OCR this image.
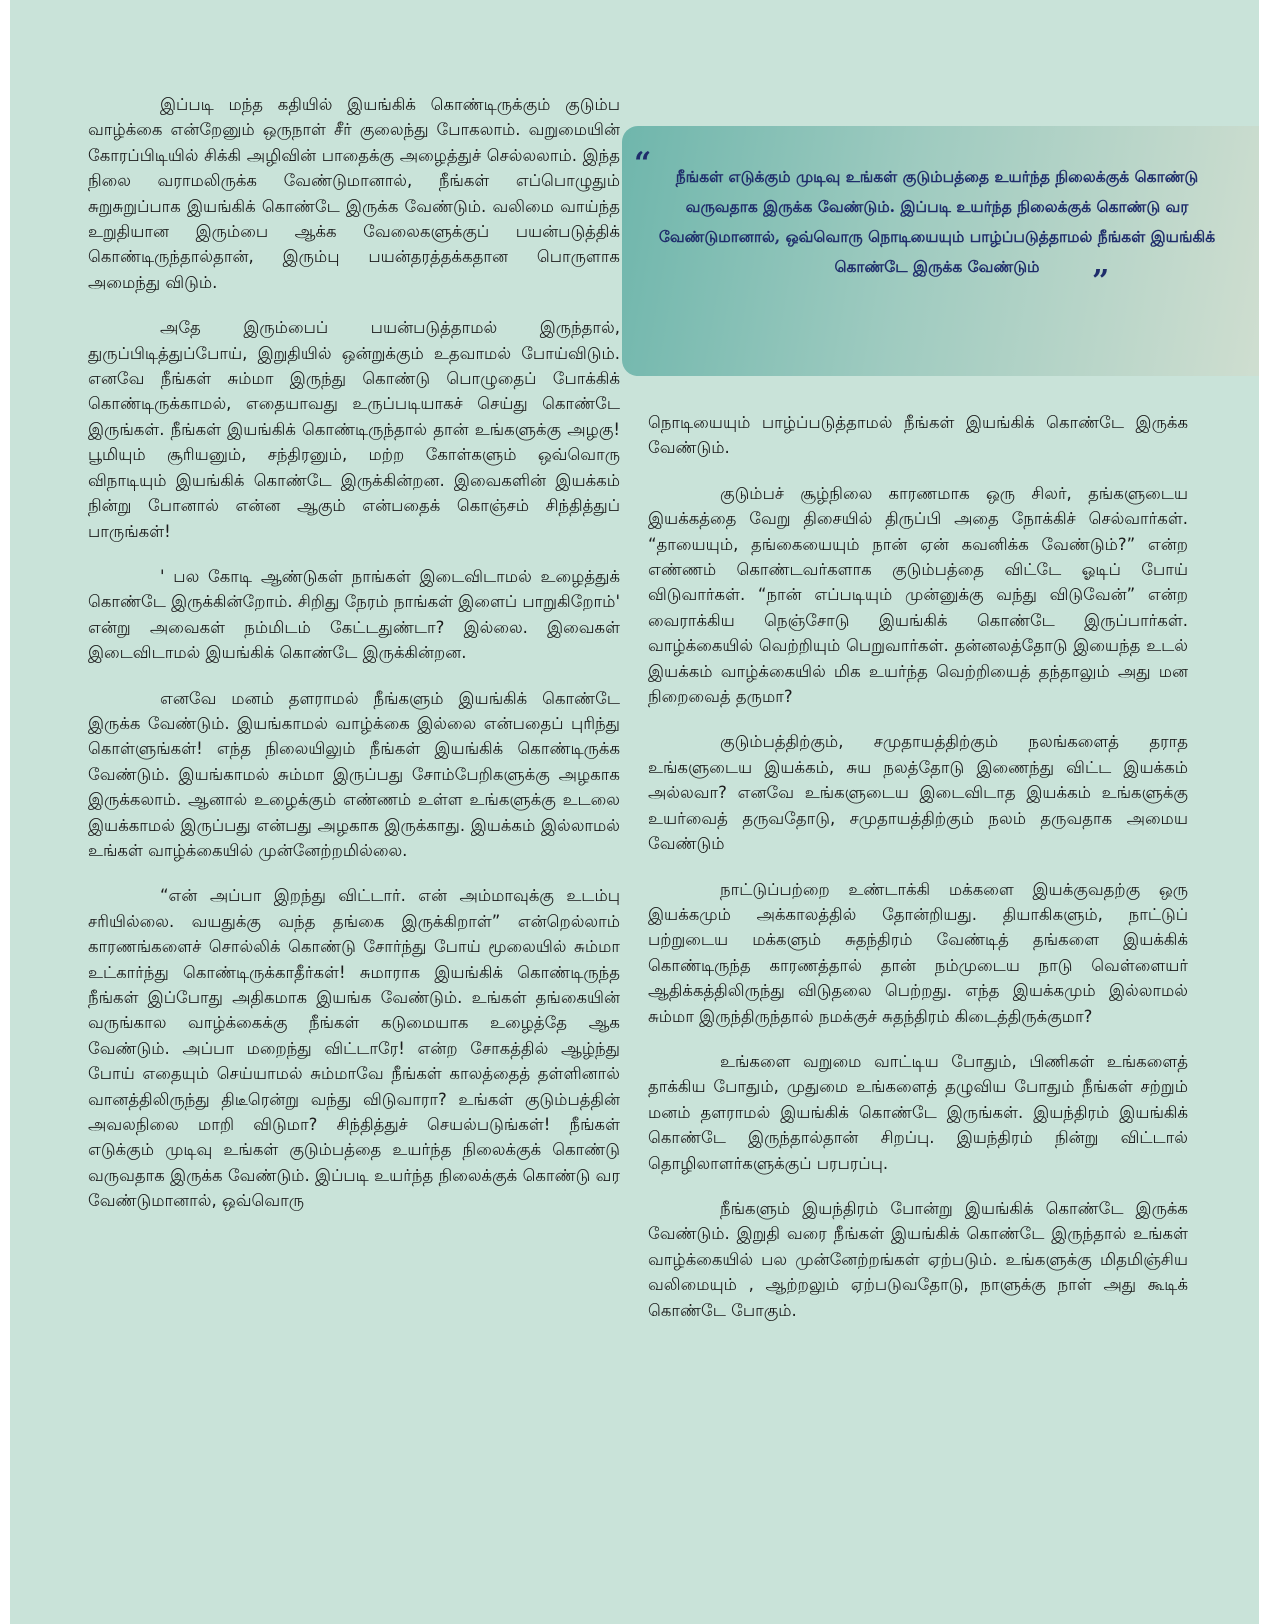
இப்படி மந்த கதியில் இயங்கிக் கொண்டிருக்கும் குடும்ப வாழ்க்கை என்றேனும் ஒருநாள் சீர் குலைந்து போகலாம். வறுமையின் கோரப்பிடியில் சிக்கி அழிவின் பாதைக்கு அழைத்துச் செல்லலாம். இந்த நிலை வராமலிருக்க வேண்டுமானால், நீங்கள் எப்பொழுதும் சுறுசுறுப்பாக இயங்கிக் கொண்டே இருக்க வேண்டும். வலிமை வாய்ந்த உறுதியான இரும்பை ஆக்க வேலைகளுக்குப் பயன்படுத்திக் கொண்டிருந்தால்தான், இரும்பு பயன்தரத்தக்கதான பொருளாக அமைந்து விடும்.

அதே இரும்பைப் பயன்படுத்தாமல் இருந்தால், துருப்பிடித்துப்போய், இறுதியில் ஒன்றுக்கும் உதவாமல் போய்விடும். எனவே நீங்கள் சும்மா இருந்து கொண்டு பொழுதைப் போக்கிக் கொண்டிருக்காமல், எதையாவது உருப்படியாகச் செய்து கொண்டே இருங்கள். நீங்கள் இயங்கிக் கொண்டிருந்தால் தான் உங்களுக்கு அழகு! பூமியும் சூரியனும், சந்திரனும், மற்ற கோள்களும் ஒவ்வொரு விநாடியும் இயங்கிக் கொண்டே இருக்கின்றன. இவைகளின் இயக்கம் நின்று போனால் என்ன ஆகும் என்பதைக் கொஞ்சம் சிந்தித்துப் பாருங்கள்!

' பல கோடி ஆண்டுகள் நாங்கள் இடைவிடாமல் உழைத்துக் கொண்டே இருக்கின்றோம். சிறிது நேரம் நாங்கள் இளைப் பாறுகிறோம்' என்று அவைகள் நம்மிடம் கேட்டதுண்டா? இல்லை. இவைகள் இடைவிடாமல் இயங்கிக் கொண்டே இருக்கின்றன.

எனவே மனம் தளராமல் நீங்களும் இயங்கிக் கொண்டே இருக்க வேண்டும். இயங்காமல் வாழ்க்கை இல்லை என்பதைப் புரிந்து கொள்ளுங்கள்! எந்த நிலையிலும் நீங்கள் இயங்கிக் கொண்டிருக்க வேண்டும். இயங்காமல் சும்மா இருப்பது சோம்பேறிகளுக்கு அழகாக இருக்கலாம். ஆனால் உழைக்கும் எண்ணம் உள்ள உங்களுக்கு உடலை இயக்காமல் இருப்பது என்பது அழகாக இருக்காது. இயக்கம் இல்லாமல் உங்கள் வாழ்க்கையில் முன்னேற்றமில்லை.

“என் அப்பா இறந்து விட்டார். என் அம்மாவுக்கு உடம்பு சரியில்லை. வயதுக்கு வந்த தங்கை இருக்கிறாள்” என்றெல்லாம் காரணங்களைச் சொல்லிக் கொண்டு சோர்ந்து போய் மூலையில் சும்மா உட்கார்ந்து கொண்டிருக்காதீர்கள்! சுமாராக இயங்கிக் கொண்டிருந்த நீங்கள் இப்போது அதிகமாக இயங்க வேண்டும். உங்கள் தங்கையின் வருங்கால வாழ்க்கைக்கு நீங்கள் கடுமையாக உழைத்தே ஆக வேண்டும். அப்பா மறைந்து விட்டாரே! என்ற சோகத்தில் ஆழ்ந்து போய் எதையும் செய்யாமல் சும்மாவே நீங்கள் காலத்தைத் தள்ளினால் வானத்திலிருந்து திடீரென்று வந்து விடுவாரா? உங்கள் குடும்பத்தின் அவலநிலை மாறி விடுமா? சிந்தித்துச் செயல்படுங்கள்! நீங்கள் எடுக்கும் முடிவு உங்கள் குடும்பத்தை உயர்ந்த நிலைக்குக் கொண்டு வருவதாக இருக்க வேண்டும். இப்படி உயர்ந்த நிலைக்குக் கொண்டு வர வேண்டுமானால், ஒவ்வொரு

நொடியையும் பாழ்ப்படுத்தாமல் நீங்கள் இயங்கிக் கொண்டே இருக்க வேண்டும்.

குடும்பச் சூழ்நிலை காரணமாக ஒரு சிலர், தங்களுடைய இயக்கத்தை வேறு திசையில் திருப்பி அதை நோக்கிச் செல்வார்கள். “தாயையும், தங்கையையும் நான் ஏன் கவனிக்க வேண்டும்?” என்ற எண்ணம் கொண்டவர்களாக குடும்பத்தை விட்டே ஓடிப் போய் விடுவார்கள். “நான் எப்படியும் முன்னுக்கு வந்து விடுவேன்” என்ற வைராக்கிய நெஞ்சோடு இயங்கிக் கொண்டே இருப்பார்கள். வாழ்க்கையில் வெற்றியும் பெறுவார்கள். தன்னலத்தோடு இயைந்த உடல் இயக்கம் வாழ்க்கையில் மிக உயர்ந்த வெற்றியைத் தந்தாலும் அது மன நிறைவைத் தருமா?

குடும்பத்திற்கும், சமுதாயத்திற்கும் நலங்களைத் தராத உங்களுடைய இயக்கம், சுய நலத்தோடு இணைந்து விட்ட இயக்கம் அல்லவா? எனவே உங்களுடைய இடைவிடாத இயக்கம் உங்களுக்கு உயர்வைத் தருவதோடு, சமுதாயத்திற்கும் நலம் தருவதாக அமைய வேண்டும்

நாட்டுப்பற்றை உண்டாக்கி மக்களை இயக்குவதற்கு ஒரு இயக்கமும் அக்காலத்தில் தோன்றியது. தியாகிகளும், நாட்டுப் பற்றுடைய மக்களும் சுதந்திரம் வேண்டித் தங்களை இயக்கிக் கொண்டிருந்த காரணத்தால் தான் நம்முடைய நாடு வெள்ளையர் ஆதிக்கத்திலிருந்து விடுதலை பெற்றது. எந்த இயக்கமும் இல்லாமல் சும்மா இருந்திருந்தால் நமக்குச் சுதந்திரம் கிடைத்திருக்குமா?

உங்களை வறுமை வாட்டிய போதும், பிணிகள் உங்களைத் தாக்கிய போதும், முதுமை உங்களைத் தழுவிய போதும் நீங்கள் சற்றும் மனம் தளராமல் இயங்கிக் கொண்டே இருங்கள். இயந்திரம் இயங்கிக் கொண்டே இருந்தால்தான் சிறப்பு. இயந்திரம் நின்று விட்டால் தொழிலாளர்களுக்குப் பரபரப்பு.

நீங்களும் இயந்திரம் போன்று இயங்கிக் கொண்டே இருக்க வேண்டும். இறுதி வரை நீங்கள் இயங்கிக் கொண்டே இருந்தால் உங்கள் வாழ்க்கையில் பல முன்னேற்றங்கள் ஏற்படும். உங்களுக்கு மிதமிஞ்சிய வலிமையும் , ஆற்றலும் ஏற்படுவதோடு, நாளுக்கு நாள் அது கூடிக் கொண்டே போகும்.

“	நீங்கள் எடுக்கும் முடிவு உங்கள் குடும்பத்தை உயர்ந்த நிலைக்குக் கொண்டு வருவதாக இருக்க வேண்டும். இப்படி உயர்ந்த நிலைக்குக் கொண்டு வர வேண்டுமானால், ஒவ்வொரு நொடியையும் பாழ்ப்படுத்தாமல் நீங்கள் இயங்கிக் கொண்டே இருக்க வேண்டும்	”
